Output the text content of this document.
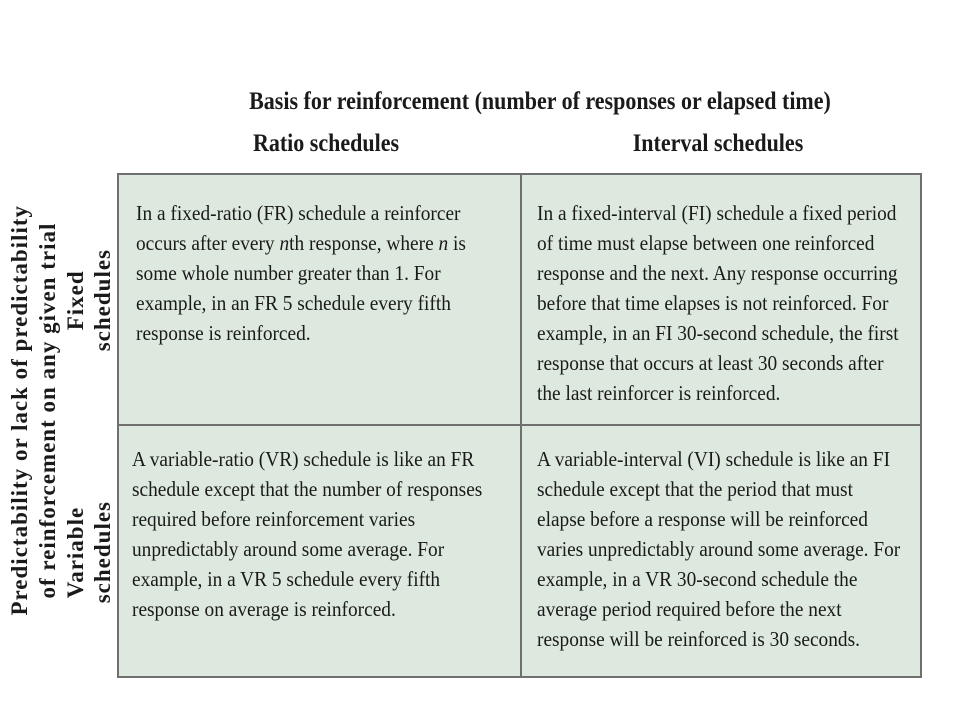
Basis for reinforcement (number of responses or elapsed time)
Ratio schedules	Interval schedules
Predictability or lack of predictability of reinforcement on any given trial Fixed schedules
Variable schedules
In a fixed-ratio (FR) schedule a reinforcer
occurs after every nth response, where n is
some whole number greater than 1. For
example, in an FR 5 schedule every fifth
response is reinforced.
In a fixed-interval (FI) schedule a fixed period
of time must elapse between one reinforced
response and the next. Any response occurring
before that time elapses is not reinforced. For
example, in an FI 30-second schedule, the first
response that occurs at least 30 seconds after
the last reinforcer is reinforced.
A variable-ratio (VR) schedule is like an FR
schedule except that the number of responses
required before reinforcement varies
unpredictably around some average. For
example, in a VR 5 schedule every fifth
response on average is reinforced.
A variable-interval (VI) schedule is like an FI
schedule except that the period that must
elapse before a response will be reinforced
varies unpredictably around some average. For
example, in a VR 30-second schedule the
average period required before the next
response will be reinforced is 30 seconds.
